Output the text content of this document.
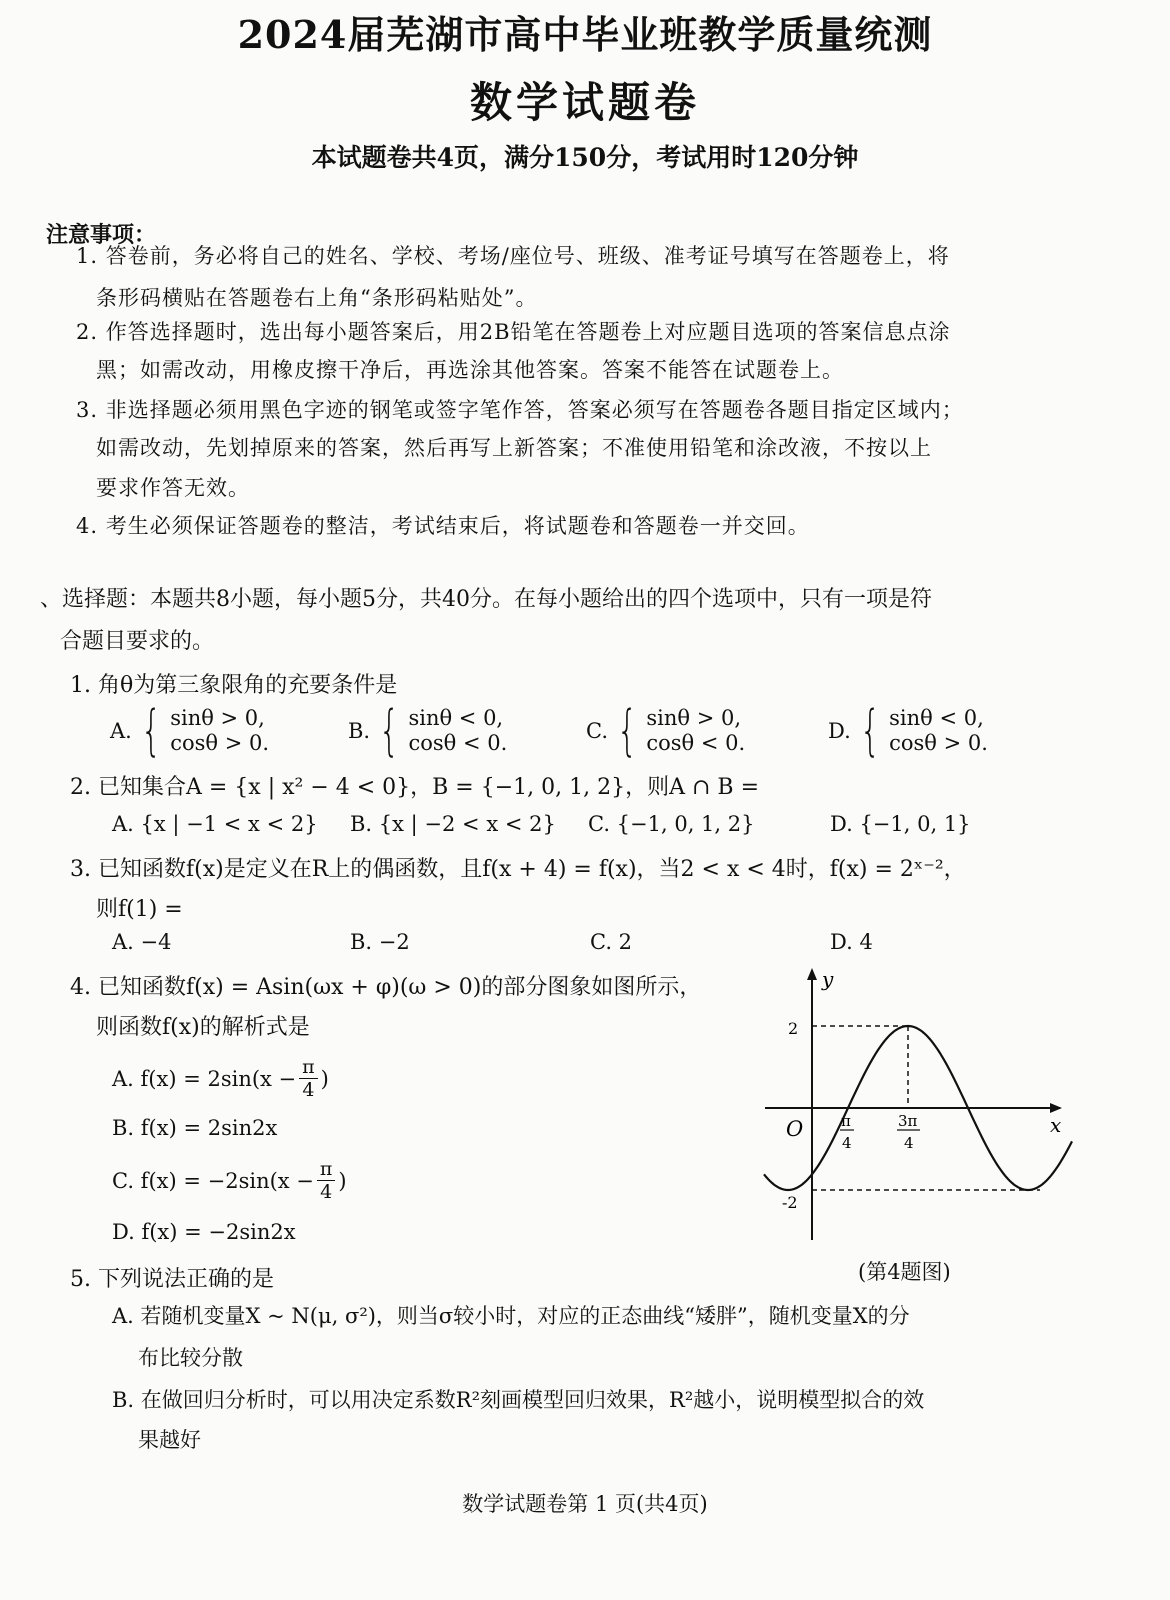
2024届芜湖市高中毕业班教学质量统测
数学试题卷
本试题卷共4页，满分150分，考试用时120分钟
注意事项：
1. 答卷前，务必将自己的姓名、学校、考场/座位号、班级、准考证号填写在答题卷上，将
条形码横贴在答题卷右上角“条形码粘贴处”。
2. 作答选择题时，选出每小题答案后，用2B铅笔在答题卷上对应题目选项的答案信息点涂
黑；如需改动，用橡皮擦干净后，再选涂其他答案。答案不能答在试题卷上。
3. 非选择题必须用黑色字迹的钢笔或签字笔作答，答案必须写在答题卷各题目指定区域内；
如需改动，先划掉原来的答案，然后再写上新答案；不准使用铅笔和涂改液，不按以上
要求作答无效。
4. 考生必须保证答题卷的整洁，考试结束后，将试题卷和答题卷一并交回。
、选择题：本题共8小题，每小题5分，共40分。在每小题给出的四个选项中，只有一项是符
合题目要求的。
1. 角θ为第三象限角的充要条件是
A. { sinθ > 0,
cosθ > 0.	B. { sinθ < 0,
cosθ < 0.	C. { sinθ > 0,
cosθ < 0.	D. { sinθ < 0,
cosθ > 0.
2. 已知集合A = {x | x² − 4 < 0}，B = {−1, 0, 1, 2}，则A ∩ B =
A. {x | −1 < x < 2} B. {x | −2 < x < 2} C. {−1, 0, 1, 2}	D. {−1, 0, 1}
3. 已知函数f(x)是定义在R上的偶函数，且f(x + 4) = f(x)，当2 < x < 4时，f(x) = 2ˣ⁻²，
则f(1) =
A. −4	B. −2	C. 2	D. 4
4. 已知函数f(x) = Asin(ωx + φ)(ω > 0)的部分图象如图所示，
则函数f(x)的解析式是
A. $f(x) = 2\sin(x - \frac{\pi}{4}$ )
B. f(x) = 2sin2x
C. $f(x) = -2\sin(x - \frac{\pi}{4}$ )
D. f(x) = −2sin2x
y
x
O
2
-2
π
4
3π
4
(第4题图)
5. 下列说法正确的是
A. 若随机变量X ~ N(μ, σ²)，则当σ较小时，对应的正态曲线“矮胖”，随机变量X的分
布比较分散
B. 在做回归分析时，可以用决定系数R²刻画模型回归效果，R²越小，说明模型拟合的效
果越好
数学试题卷第 1 页(共4页)
